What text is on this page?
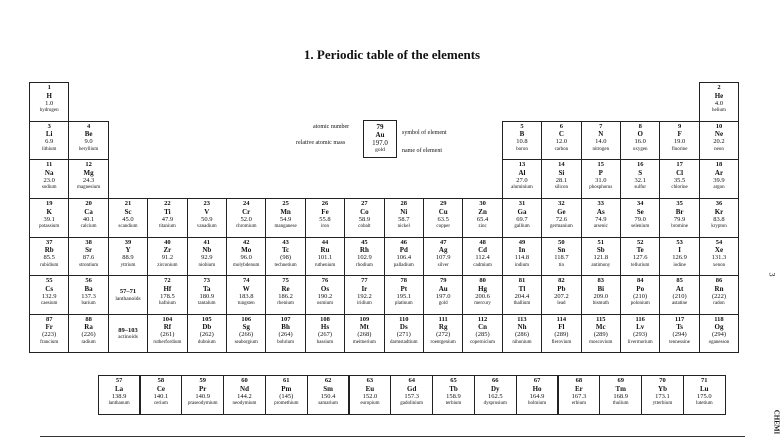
1. Periodic table of the elements
79
Au
197.0
gold
atomic number
relative atomic mass
symbol of element
name of element
1
H
1.0
hydrogen
2
He
4.0
helium
3
Li
6.9
lithium
4
Be
9.0
beryllium
5
B
10.8
boron
6
C
12.0
carbon
7
N
14.0
nitrogen
8
O
16.0
oxygen
9
F
19.0
fluorine
10
Ne
20.2
neon
11
Na
23.0
sodium
12
Mg
24.3
magnesium
13
Al
27.0
aluminium
14
Si
28.1
silicon
15
P
31.0
phosphorus
16
S
32.1
sulfur
17
Cl
35.5
chlorine
18
Ar
39.9
argon
19
K
39.1
potassium
20
Ca
40.1
calcium
21
Sc
45.0
scandium
22
Ti
47.9
titanium
23
V
50.9
vanadium
24
Cr
52.0
chromium
25
Mn
54.9
manganese
26
Fe
55.8
iron
27
Co
58.9
cobalt
28
Ni
58.7
nickel
29
Cu
63.5
copper
30
Zn
65.4
zinc
31
Ga
69.7
gallium
32
Ge
72.6
germanium
33
As
74.9
arsenic
34
Se
79.0
selenium
35
Br
79.9
bromine
36
Kr
83.8
krypton
37
Rb
85.5
rubidium
38
Sr
87.6
strontium
39
Y
88.9
yttrium
40
Zr
91.2
zirconium
41
Nb
92.9
niobium
42
Mo
96.0
molybdenum
43
Tc
(98)
technetium
44
Ru
101.1
ruthenium
45
Rh
102.9
rhodium
46
Pd
106.4
palladium
47
Ag
107.9
silver
48
Cd
112.4
cadmium
49
In
114.8
indium
50
Sn
118.7
tin
51
Sb
121.8
antimony
52
Te
127.6
tellurium
53
I
126.9
iodine
54
Xe
131.3
xenon
55
Cs
132.9
caesium
56
Ba
137.3
barium
57–71
lanthanoids
72
Hf
178.5
hafnium
73
Ta
180.9
tantalum
74
W
183.8
tungsten
75
Re
186.2
rhenium
76
Os
190.2
osmium
77
Ir
192.2
iridium
78
Pt
195.1
platinum
79
Au
197.0
gold
80
Hg
200.6
mercury
81
Tl
204.4
thallium
82
Pb
207.2
lead
83
Bi
209.0
bismuth
84
Po
(210)
polonium
85
At
(210)
astatine
86
Rn
(222)
radon
87
Fr
(223)
francium
88
Ra
(226)
radium
89–103
actinoids
104
Rf
(261)
rutherfordium
105
Db
(262)
dubnium
106
Sg
(266)
seaborgium
107
Bh
(264)
bohrium
108
Hs
(267)
hassium
109
Mt
(268)
meitnerium
110
Ds
(271)
darmstadtium
111
Rg
(272)
roentgenium
112
Cn
(285)
copernicium
113
Nh
(286)
nihonium
114
Fl
(289)
flerovium
115
Mc
(289)
moscovium
116
Lv
(293)
livermorium
117
Ts
(294)
tennessine
118
Og
(294)
oganesson
57
La
138.9
lanthanum
58
Ce
140.1
cerium
59
Pr
140.9
praseodymium
60
Nd
144.2
neodymium
61
Pm
(145)
promethium
62
Sm
150.4
samarium
63
Eu
152.0
europium
64
Gd
157.3
gadolinium
65
Tb
158.9
terbium
66
Dy
162.5
dysprosium
67
Ho
164.9
holmium
68
Er
167.3
erbium
69
Tm
168.9
thulium
70
Yb
173.1
ytterbium
71
Lu
175.0
lutetium
3
CHEMI
